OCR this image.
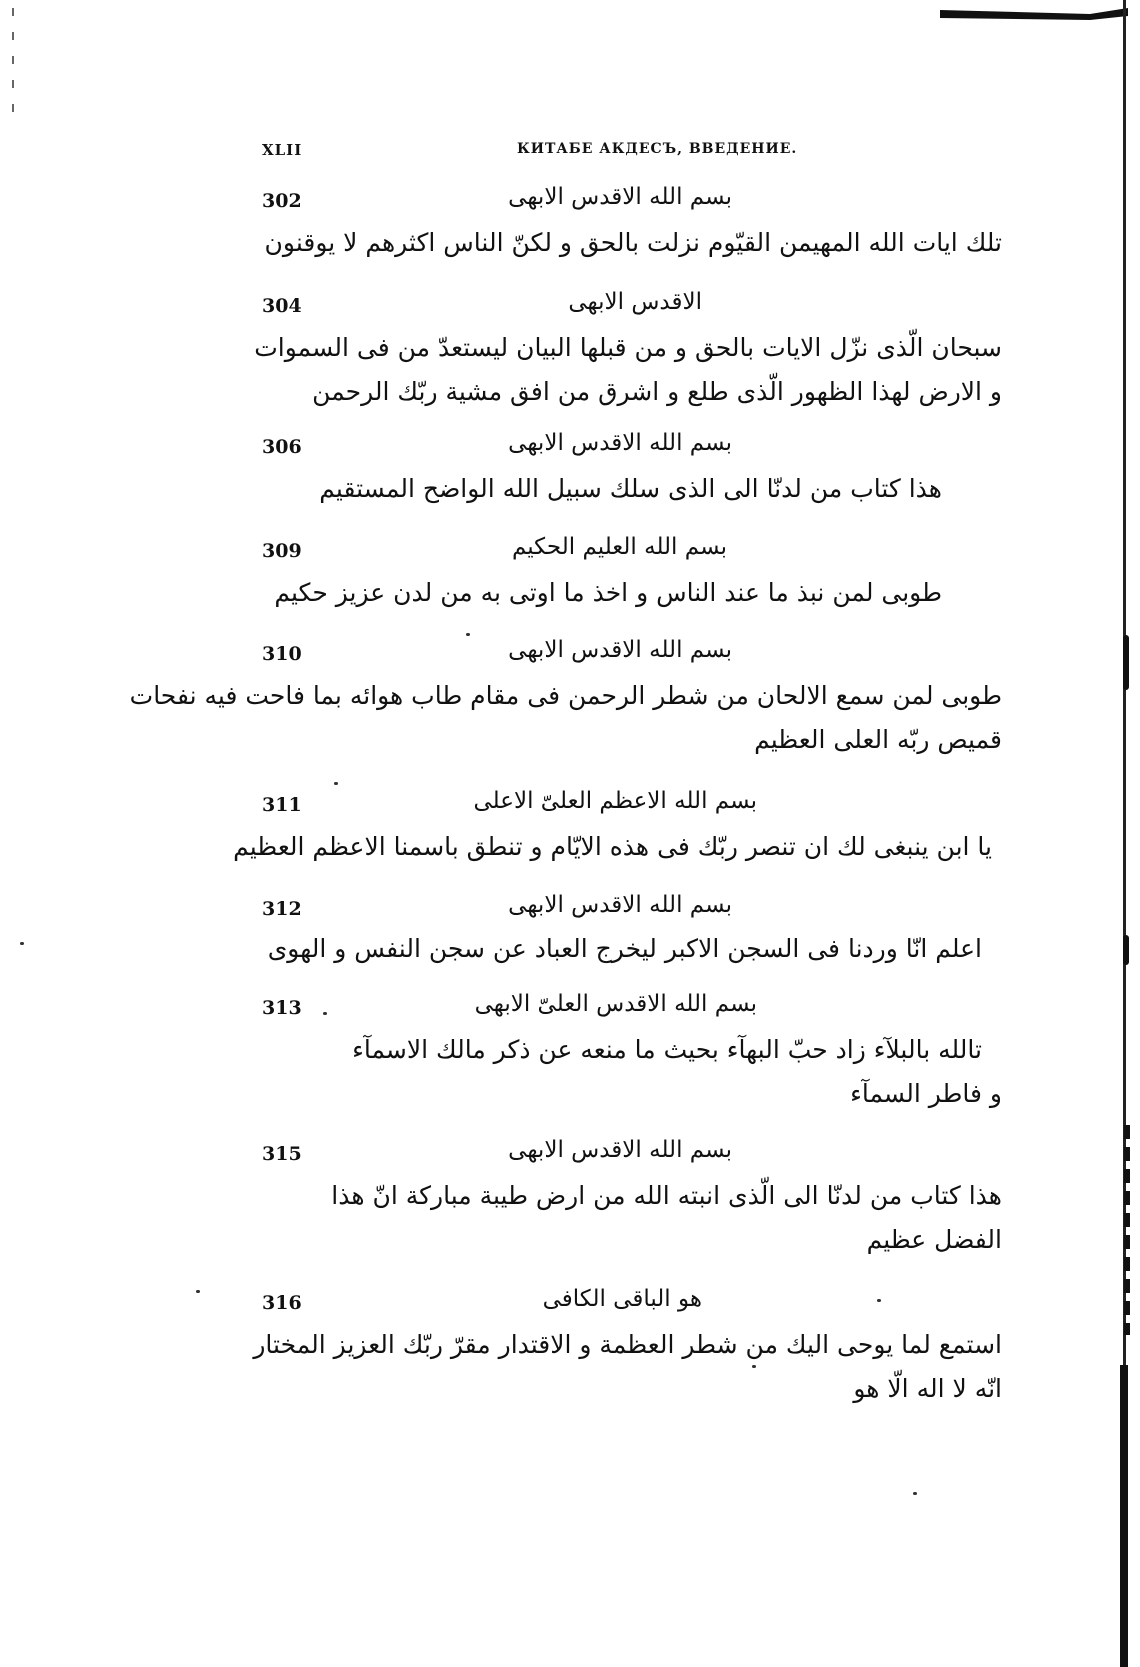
XLII	КИТАБЕ АКДЕСЪ, ВВЕДЕНИЕ.
302	بسم الله الاقدس الابهی
تلك ايات الله المهيمن القيّوم نزلت بالحق و لكنّ الناس اكثرهم لا يوقنون
304	الاقدس الابهی
سبحان الّذی نزّل الايات بالحق و من قبلها البيان ليستعدّ من فی السموات
و الارض لهذا الظهور الّذی طلع و اشرق من افق مشية ربّك الرحمن
306	بسم الله الاقدس الابهی
هذا كتاب من لدنّا الی الذی سلك سبيل الله الواضح المستقيم
309	بسم الله العليم الحكيم
طوبی لمن نبذ ما عند الناس و اخذ ما اوتی به من لدن عزيز حكيم
310	بسم الله الاقدس الابهی
طوبی لمن سمع الالحان من شطر الرحمن فی مقام طاب هوائه بما فاحت فيه نفحات
قميص ربّه العلی العظيم
311	بسم الله الاعظم العلیّ الاعلی
يا ابن ينبغی لك ان تنصر ربّك فی هذه الايّام و تنطق باسمنا الاعظم العظيم
312	بسم الله الاقدس الابهی
اعلم انّا وردنا فی السجن الاكبر ليخرج العباد عن سجن النفس و الهوی
313	بسم الله الاقدس العلیّ الابهی
تالله بالبلآء زاد حبّ البهآء بحيث ما منعه عن ذكر مالك الاسمآء
و فاطر السمآء
315	بسم الله الاقدس الابهی
هذا كتاب من لدنّا الی الّذی انبته الله من ارض طيبة مباركة انّ هذا
الفضل عظيم
316	هو الباقی الكافی
استمع لما يوحی اليك من شطر العظمة و الاقتدار مقرّ ربّك العزيز المختار
انّه لا اله الّا هو
